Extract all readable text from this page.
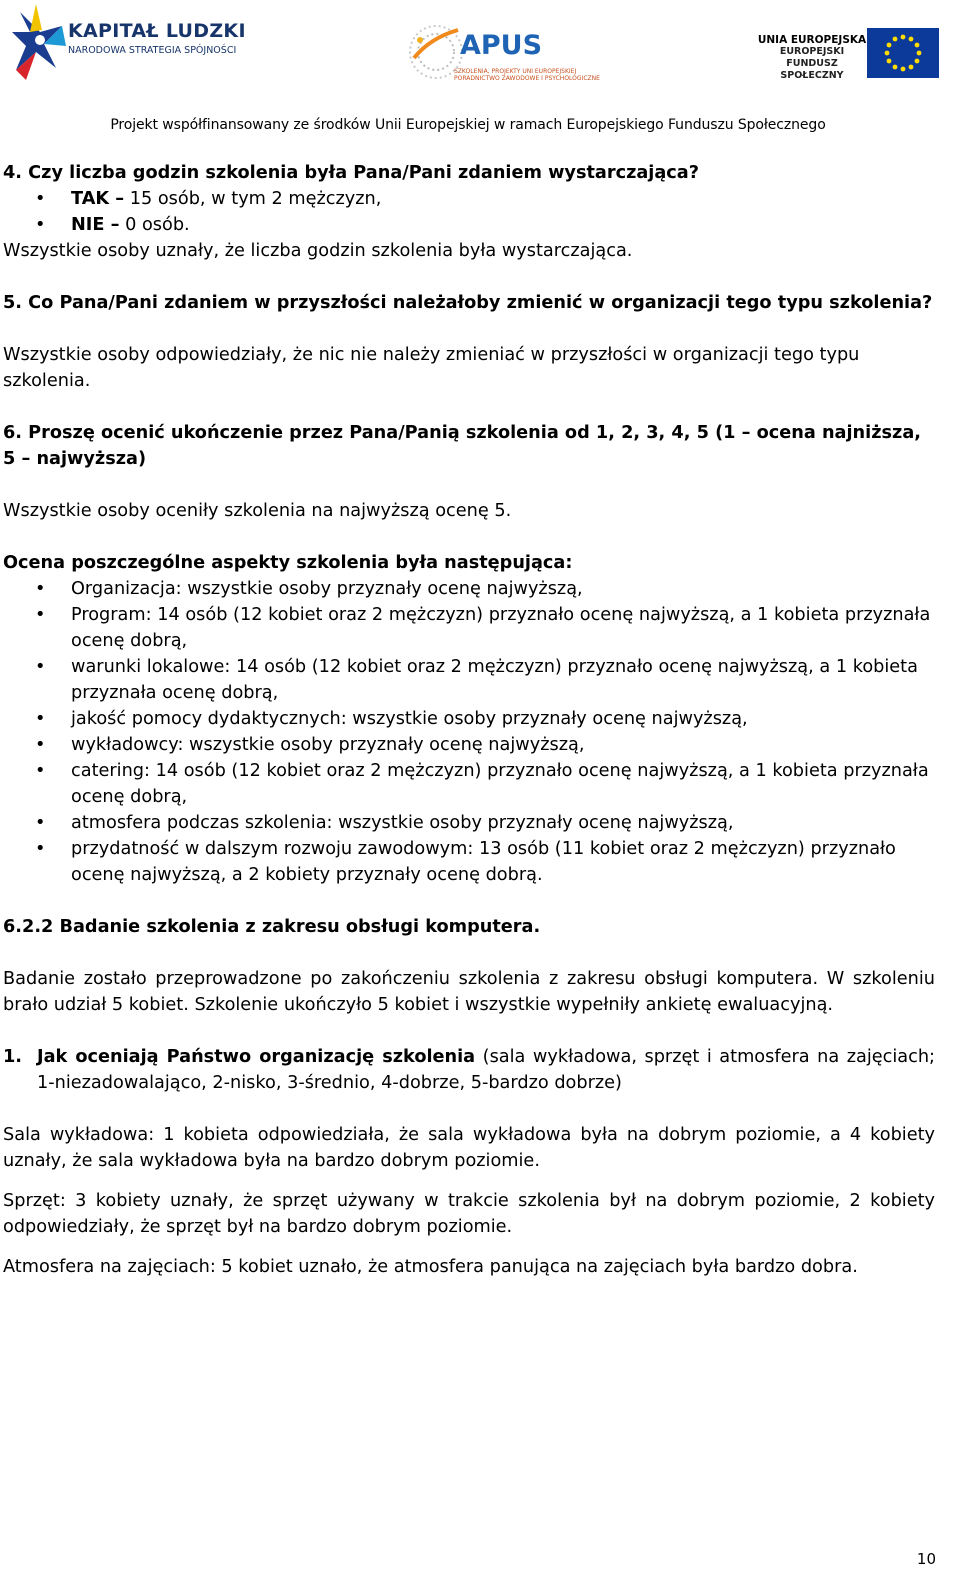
KAPITAŁ LUDZKI
NARODOWA STRATEGIA SPÓJNOŚCI	APUS
SZKOLENIA, PROJEKTY UNI EUROPEJSKIEJ PORADNICTWO ZAWODOWE I PSYCHOLOGICZNE
UNIA EUROPEJSKA
EUROPEJSKI
FUNDUSZ SPOŁECZNY
Projekt współfinansowany ze środków Unii Europejskiej w ramach Europejskiego Funduszu Społecznego

4. Czy liczba godzin szkolenia była Pana/Pani zdaniem wystarczająca?

• TAK – 15 osób, w tym 2 mężczyzn,
• NIE – 0 osób.

Wszystkie osoby uznały, że liczba godzin szkolenia była wystarczająca.

5. Co Pana/Pani zdaniem w przyszłości należałoby zmienić w organizacji tego typu szkolenia?

Wszystkie osoby odpowiedziały, że nic nie należy zmieniać w przyszłości w organizacji tego typu szkolenia.

6. Proszę ocenić ukończenie przez Pana/Panią szkolenia od 1, 2, 3, 4, 5 (1 – ocena najniższa, 5 – najwyższa)

Wszystkie osoby oceniły szkolenia na najwyższą ocenę 5.

Ocena poszczególne aspekty szkolenia była następująca:

• Organizacja: wszystkie osoby przyznały ocenę najwyższą,
• Program: 14 osób (12 kobiet oraz 2 mężczyzn) przyznało ocenę najwyższą, a 1 kobieta przyznała ocenę dobrą,
• warunki lokalowe: 14 osób (12 kobiet oraz 2 mężczyzn) przyznało ocenę najwyższą, a 1 kobieta przyznała ocenę dobrą,
• jakość pomocy dydaktycznych: wszystkie osoby przyznały ocenę najwyższą,
• wykładowcy: wszystkie osoby przyznały ocenę najwyższą,
• catering: 14 osób (12 kobiet oraz 2 mężczyzn) przyznało ocenę najwyższą, a 1 kobieta przyznała ocenę dobrą,
• atmosfera podczas szkolenia: wszystkie osoby przyznały ocenę najwyższą,
• przydatność w dalszym rozwoju zawodowym: 13 osób (11 kobiet oraz 2 mężczyzn) przyznało ocenę najwyższą, a 2 kobiety przyznały ocenę dobrą.

6.2.2 Badanie szkolenia z zakresu obsługi komputera.

Badanie zostało przeprowadzone po zakończeniu szkolenia z zakresu obsługi komputera. W szkoleniu brało udział 5 kobiet. Szkolenie ukończyło 5 kobiet i wszystkie wypełniły ankietę ewaluacyjną.

1. Jak oceniają Państwo organizację szkolenia (sala wykładowa, sprzęt i atmosfera na zajęciach; 1-niezadowalająco, 2-nisko, 3-średnio, 4-dobrze, 5-bardzo dobrze)

Sala wykładowa: 1 kobieta odpowiedziała, że sala wykładowa była na dobrym poziomie, a 4 kobiety uznały, że sala wykładowa była na bardzo dobrym poziomie.

Sprzęt: 3 kobiety uznały, że sprzęt używany w trakcie szkolenia był na dobrym poziomie, 2 kobiety odpowiedziały, że sprzęt był na bardzo dobrym poziomie.

Atmosfera na zajęciach: 5 kobiet uznało, że atmosfera panująca na zajęciach była bardzo dobra.

10
